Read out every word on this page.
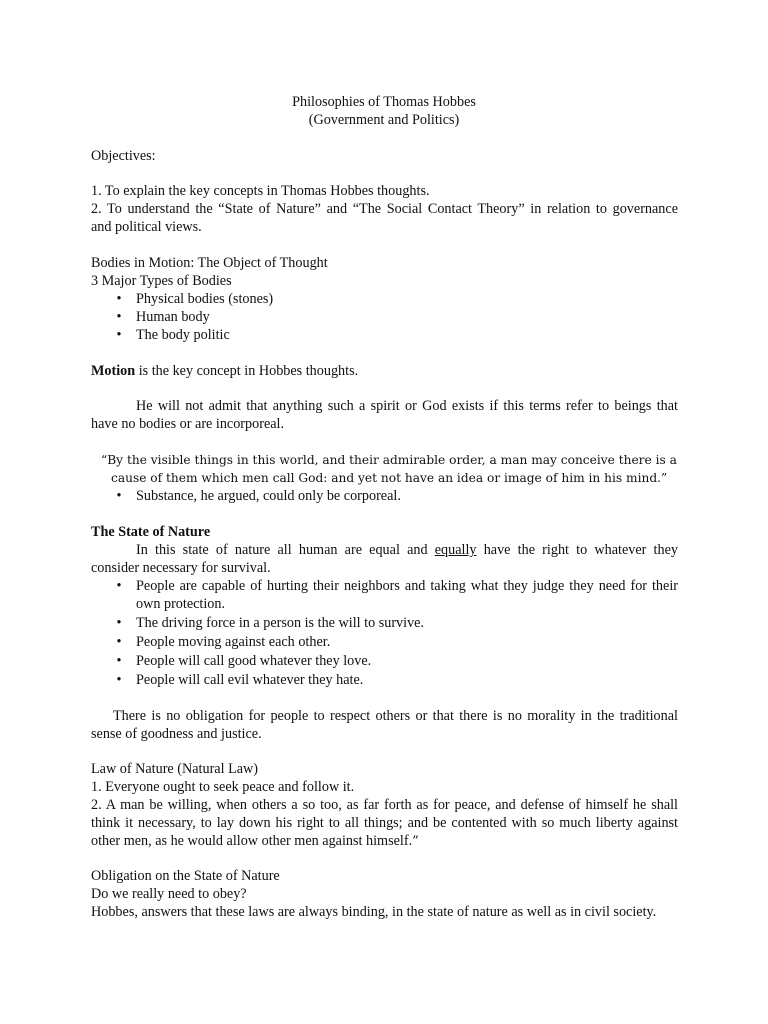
Philosophies of Thomas Hobbes
(Government and Politics)
Objectives:
1. To explain the key concepts in Thomas Hobbes thoughts.
2. To understand the “State of Nature” and “The Social Contact Theory” in relation to governance
and political views.
Bodies in Motion: The Object of Thought
3 Major Types of Bodies
• Physical bodies (stones)
• Human body
• The body politic
Motion is the key concept in Hobbes thoughts.
He will not admit that anything such a spirit or God exists if this terms refer to beings that
have no bodies or are incorporeal.
“By the visible things in this world, and their admirable order, a man may conceive there is a
cause of them which men call God: and yet not have an idea or image of him in his mind.”
• Substance, he argued, could only be corporeal.
The State of Nature
In this state of nature all human are equal and equally have the right to whatever they
consider necessary for survival.
• People are capable of hurting their neighbors and taking what they judge they need for their
own protection.
• The driving force in a person is the will to survive.
• People moving against each other.
• People will call good whatever they love.
• People will call evil whatever they hate.
There is no obligation for people to respect others or that there is no morality in the traditional
sense of goodness and justice.
Law of Nature (Natural Law)
1. Everyone ought to seek peace and follow it.
2. A man be willing, when others a so too, as far forth as for peace, and defense of himself he shall
think it necessary, to lay down his right to all things; and be contented with so much liberty against
other men, as he would allow other men against himself.”
Obligation on the State of Nature
Do we really need to obey?
Hobbes, answers that these laws are always binding, in the state of nature as well as in civil society.
